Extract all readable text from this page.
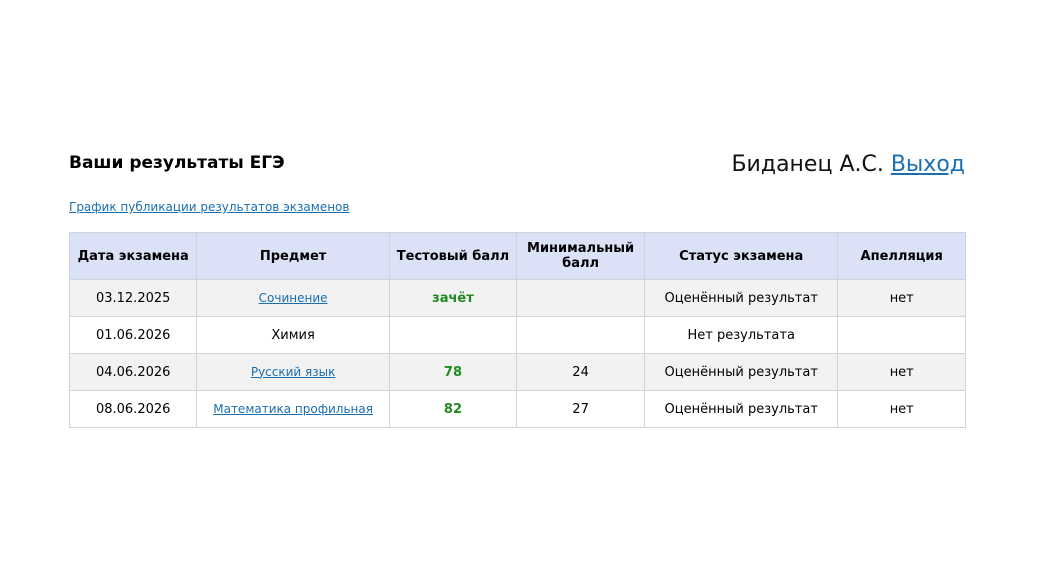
Ваши результаты ЕГЭ	Биданец А.С. Выход
График публикации результатов экзаменов
Дата экзамена	Предмет	Тестовый балл	Минимальный балл	Статус экзамена	Апелляция
03.12.2025	Сочинение	зачёт		Оценённый результат	нет
01.06.2026	Химия			Нет результата	
04.06.2026	Русский язык	78	24	Оценённый результат	нет
08.06.2026	Математика профильная	82	27	Оценённый результат	нет
